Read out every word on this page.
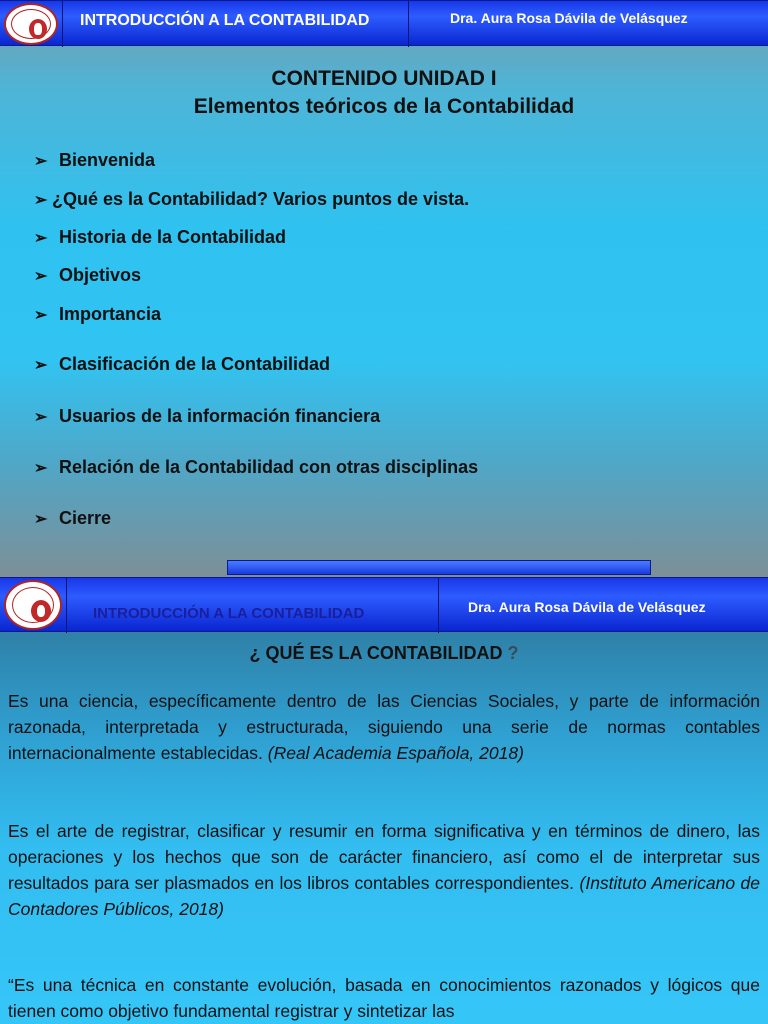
INTRODUCCIÓN A LA CONTABILIDAD	Dra. Aura Rosa Dávila de Velásquez
CONTENIDO UNIDAD I
Elementos teóricos de la Contabilidad
➢ Bienvenida
➢ ¿Qué es la Contabilidad? Varios puntos de vista.
➢ Historia de la Contabilidad
➢ Objetivos
➢ Importancia
➢ Clasificación de la Contabilidad
➢ Usuarios de la información financiera
➢ Relación de la Contabilidad con otras disciplinas
➢ Cierre
INTRODUCCIÓN A LA CONTABILIDAD	Dra. Aura Rosa Dávila de Velásquez
¿ QUÉ ES LA CONTABILIDAD ?
Es una ciencia, específicamente dentro de las Ciencias Sociales, y parte de información razonada, interpretada y estructurada, siguiendo una serie de normas contables internacionalmente establecidas. (Real Academia Española, 2018)
Es el arte de registrar, clasificar y resumir en forma significativa y en términos de dinero, las operaciones y los hechos que son de carácter financiero, así como el de interpretar sus resultados para ser plasmados en los libros contables correspondientes. (Instituto Americano de Contadores Públicos, 2018)
“Es una técnica en constante evolución, basada en conocimientos razonados y lógicos que tienen como objetivo fundamental registrar y sintetizar las
